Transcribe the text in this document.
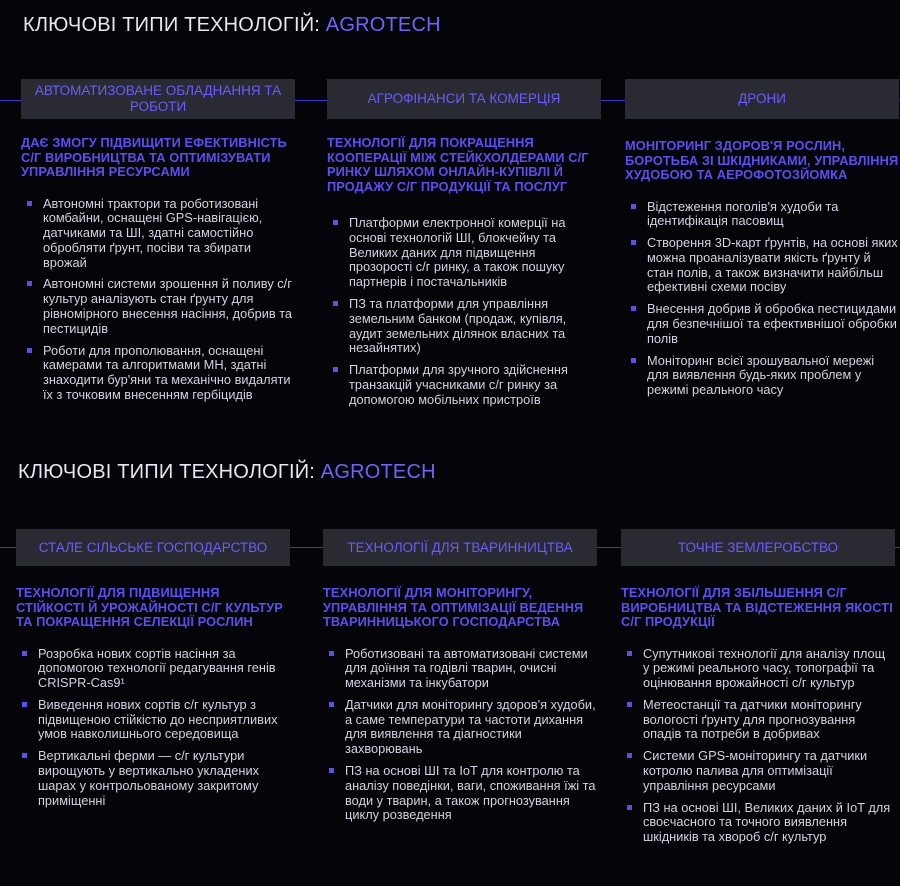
КЛЮЧОВІ ТИПИ ТЕХНОЛОГІЙ: AGROTECH
АВТОМАТИЗОВАНЕ ОБЛАДНАННЯ ТА РОБОТИ
ДАЄ ЗМОГУ ПІДВИЩИТИ ЕФЕКТИВНІСТЬ С/Г ВИРОБНИЦТВА ТА ОПТИМІЗУВАТИ УПРАВЛІННЯ РЕСУРСАМИ
Автономні трактори та роботизовані комбайни, оснащені GPS-навігацією, датчиками та ШІ, здатні самостійно обробляти ґрунт, посіви та збирати врожай
Автономні системи зрошення й поливу с/г культур аналізують стан ґрунту для рівномірного внесення насіння, добрив та пестицидів
Роботи для прополювання, оснащені камерами та алгоритмами МН, здатні знаходити бур'яни та механічно видаляти їх з точковим внесенням гербіцидів
АГРОФІНАНСИ ТА КОМЕРЦІЯ
ТЕХНОЛОГІЇ ДЛЯ ПОКРАЩЕННЯ КООПЕРАЦІЇ МІЖ СТЕЙКХОЛДЕРАМИ С/Г РИНКУ ШЛЯХОМ ОНЛАЙН-КУПІВЛІ Й ПРОДАЖУ С/Г ПРОДУКЦІЇ ТА ПОСЛУГ
Платформи електронної комерції на основі технологій ШІ, блокчейну та Великих даних для підвищення прозорості с/г ринку, а також пошуку партнерів і постачальників
ПЗ та платформи для управління земельним банком (продаж, купівля, аудит земельних ділянок власних та незайнятих)
Платформи для зручного здійснення транзакцій учасниками с/г ринку за допомогою мобільних пристроїв
ДРОНИ
МОНІТОРИНГ ЗДОРОВ'Я РОСЛИН, БОРОТЬБА ЗІ ШКІДНИКАМИ, УПРАВЛІННЯ ХУДОБОЮ ТА АЕРОФОТОЗЙОМКА
Відстеження поголів'я худоби та ідентифікація пасовищ
Створення 3D-карт ґрунтів, на основі яких можна проаналізувати якість ґрунту й стан полів, а також визначити найбільш ефективні схеми посіву
Внесення добрив й обробка пестицидами для безпечнішої та ефективнішої обробки полів
Моніторинг всієї зрошувальної мережі для виявлення будь-яких проблем у режимі реального часу
КЛЮЧОВІ ТИПИ ТЕХНОЛОГІЙ: AGROTECH
СТАЛЕ СІЛЬСЬКЕ ГОСПОДАРСТВО
ТЕХНОЛОГІЇ ДЛЯ ПІДВИЩЕННЯ СТІЙКОСТІ Й УРОЖАЙНОСТІ С/Г КУЛЬТУР ТА ПОКРАЩЕННЯ СЕЛЕКЦІЇ РОСЛИН
Розробка нових сортів насіння за допомогою технології редагування генів CRISPR-Cas9¹
Виведення нових сортів с/г культур з підвищеною стійкістю до несприятливих умов навколишнього середовища
Вертикальні ферми — с/г культури вирощують у вертикально укладених шарах у контрольованому закритому приміщенні
ТЕХНОЛОГІЇ ДЛЯ ТВАРИННИЦТВА
ТЕХНОЛОГІЇ ДЛЯ МОНІТОРИНГУ, УПРАВЛІННЯ ТА ОПТИМІЗАЦІЇ ВЕДЕННЯ ТВАРИННИЦЬКОГО ГОСПОДАРСТВА
Роботизовані та автоматизовані системи для доїння та годівлі тварин, очисні механізми та інкубатори
Датчики для моніторингу здоров'я худоби, а саме температури та частоти дихання для виявлення та діагностики захворювань
ПЗ на основі ШІ та IoT для контролю та аналізу поведінки, ваги, споживання їжі та води у тварин, а також прогнозування циклу розведення
ТОЧНЕ ЗЕМЛЕРОБСТВО
ТЕХНОЛОГІЇ ДЛЯ ЗБІЛЬШЕННЯ С/Г ВИРОБНИЦТВА ТА ВІДСТЕЖЕННЯ ЯКОСТІ С/Г ПРОДУКЦІЇ
Супутникові технології для аналізу площ у режимі реального часу, топографії та оцінювання врожайності с/г культур
Метеостанції та датчики моніторингу вологості ґрунту для прогнозування опадів та потреби в добривах
Системи GPS-моніторингу та датчики котролю палива для оптимізації управління ресурсами
ПЗ на основі ШІ, Великих даних й IoT для своєчасного та точного виявлення шкідників та хвороб с/г культур
